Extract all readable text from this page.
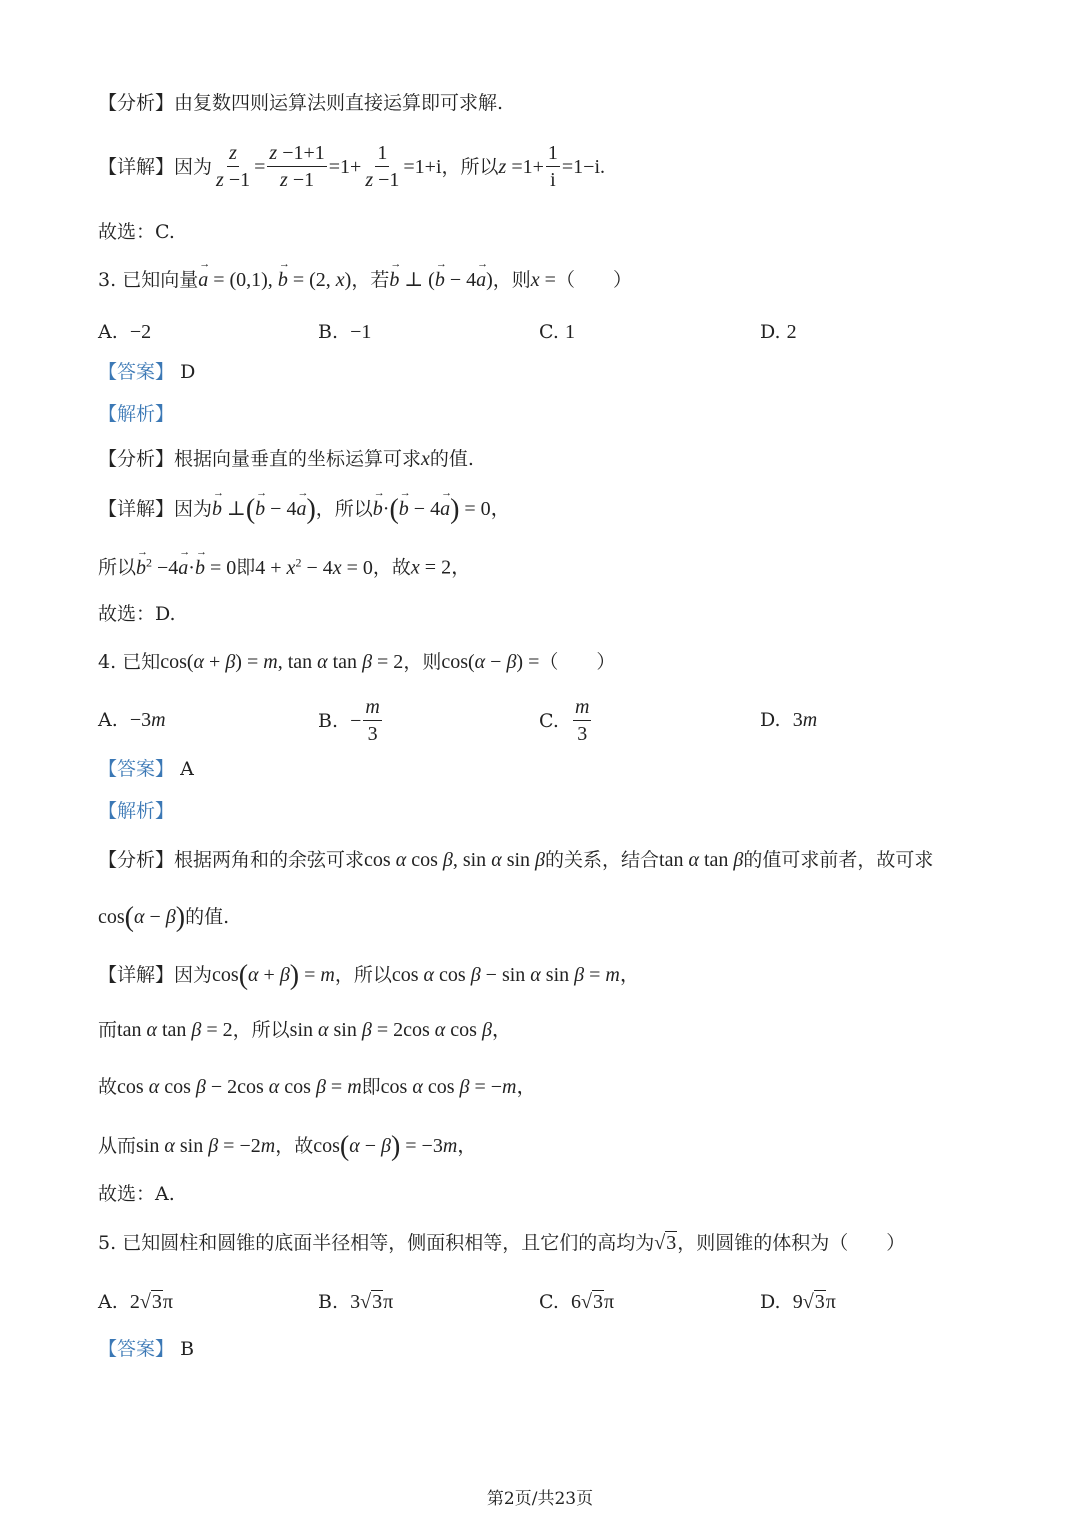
【分析】由复数四则运算法则直接运算即可求解.
【详解】 因为 $\frac{z}{z -1} = \frac{z -1+1}{z -1} =1+ \frac{1}{z -1} =1+i$ ，所以 $z =1+ \frac{1}{i} =1-i$.
故选：C.
3. 已知向量→ a = (0,1), → b = (2, x)，若→ b ⊥ (→ b − 4→ a)，则x =（　　）
A. −2	B. −1	C. 1	D. 2
【答案】 D
【解析】
【分析】根据向量垂直的坐标运算可求x的值.
【详解】因为→ b ⊥(→ b − 4→ a)，所以→ b·(→ b − 4→ a) = 0，
所以→ $b^2 -4\to a\cdot\to b = 0$即$4 + x^2 - 4x = 0$，故x = 2，
故选：D.
4. 已知cos(α + β) = m, tan α tan β = 2，则cos(α − β) =（　　）
A. −3m	B.
− $\frac{m}{3}$	C.
$\frac{m}{3}$	D. 3m
【答案】 A
【解析】
【分析】根据两角和的余弦可求cos α cos β, sin α sin β的关系，结合tan α tan β的值可求前者，故可求
cos(α − β)的值.
【详解】因为cos(α + β) = m，所以cos α cos β − sin α sin β = m，
而tan α tan β = 2，所以sin α sin β = 2cos α cos β，
故cos α cos β − 2cos α cos β = m即cos α cos β = −m，
从而sin α sin β = −2m，故cos(α − β) = −3m，
故选：A.
5. 已知圆柱和圆锥的底面半径相等，侧面积相等，且它们的高均为√3，则圆锥的体积为（　　）
A. 2√3π	B. 3√3π	C. 6√3π	D. 9√3π
【答案】 B
第2页/共23页
